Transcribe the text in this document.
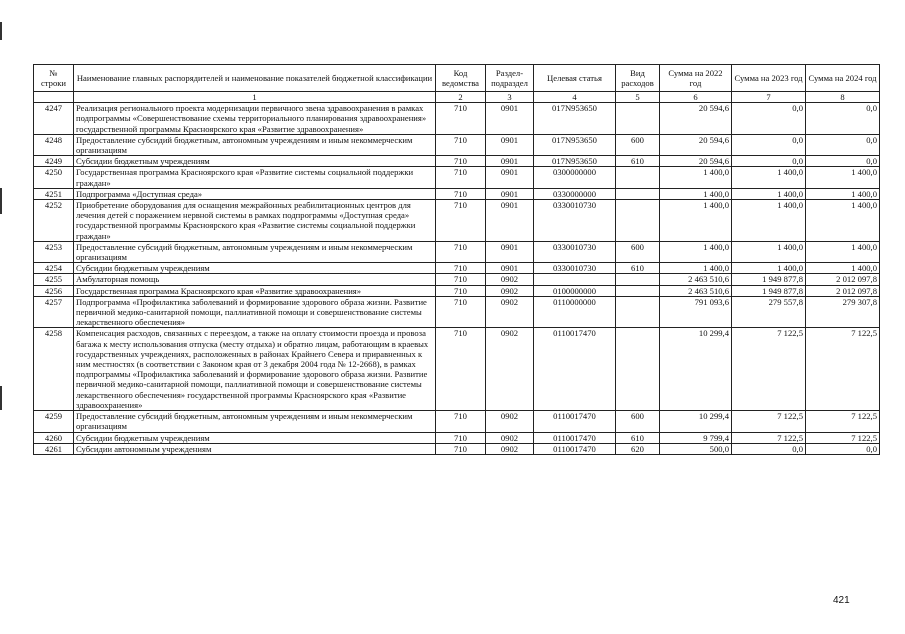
№ строки	Наименование главных распорядителей и наименование показателей бюджетной классификации	Код ведомства	Раздел-подраздел	Целевая статья	Вид расходов	Сумма на 2022 год	Сумма на 2023 год	Сумма на 2024 год
	1	2	3	4	5	6	7	8
4247	Реализация регионального проекта модернизации первичного звена здравоохранения в рамках подпрограммы «Совершенствование схемы территориального планирования здравоохранения» государственной программы Красноярского края «Развитие здравоохранения»	710	0901	017N953650		20 594,6	0,0	0,0
4248	Предоставление субсидий бюджетным, автономным учреждениям и иным некоммерческим организациям	710	0901	017N953650	600	20 594,6	0,0	0,0
4249	Субсидии бюджетным учреждениям	710	0901	017N953650	610	20 594,6	0,0	0,0
4250	Государственная программа Красноярского края «Развитие системы социальной поддержки граждан»	710	0901	0300000000		1 400,0	1 400,0	1 400,0
4251	Подпрограмма «Доступная среда»	710	0901	0330000000		1 400,0	1 400,0	1 400,0
4252	Приобретение оборудования для оснащения межрайонных реабилитационных центров для лечения детей с поражением нервной системы в рамках подпрограммы «Доступная среда» государственной программы Красноярского края «Развитие системы социальной поддержки граждан»	710	0901	0330010730		1 400,0	1 400,0	1 400,0
4253	Предоставление субсидий бюджетным, автономным учреждениям и иным некоммерческим организациям	710	0901	0330010730	600	1 400,0	1 400,0	1 400,0
4254	Субсидии бюджетным учреждениям	710	0901	0330010730	610	1 400,0	1 400,0	1 400,0
4255	Амбулаторная помощь	710	0902			2 463 510,6	1 949 877,8	2 012 097,8
4256	Государственная программа Красноярского края «Развитие здравоохранения»	710	0902	0100000000		2 463 510,6	1 949 877,8	2 012 097,8
4257	Подпрограмма «Профилактика заболеваний и формирование здорового образа жизни. Развитие первичной медико-санитарной помощи, паллиативной помощи и совершенствование системы лекарственного обеспечения»	710	0902	0110000000		791 093,6	279 557,8	279 307,8
4258	Компенсация расходов, связанных с переездом, а также на оплату стоимости проезда и провоза багажа к месту использования отпуска (месту отдыха) и обратно лицам, работающим в краевых государственных учреждениях, расположенных в районах Крайнего Севера и приравненных к ним местностях (в соответствии с Законом края от 3 декабря 2004 года № 12-2668), в рамках подпрограммы «Профилактика заболеваний и формирование здорового образа жизни. Развитие первичной медико-санитарной помощи, паллиативной помощи и совершенствование системы лекарственного обеспечения» государственной программы Красноярского края «Развитие здравоохранения»	710	0902	0110017470		10 299,4	7 122,5	7 122,5
4259	Предоставление субсидий бюджетным, автономным учреждениям и иным некоммерческим организациям	710	0902	0110017470	600	10 299,4	7 122,5	7 122,5
4260	Субсидии бюджетным учреждениям	710	0902	0110017470	610	9 799,4	7 122,5	7 122,5
4261	Субсидии автономным учреждениям	710	0902	0110017470	620	500,0	0,0	0,0
421
